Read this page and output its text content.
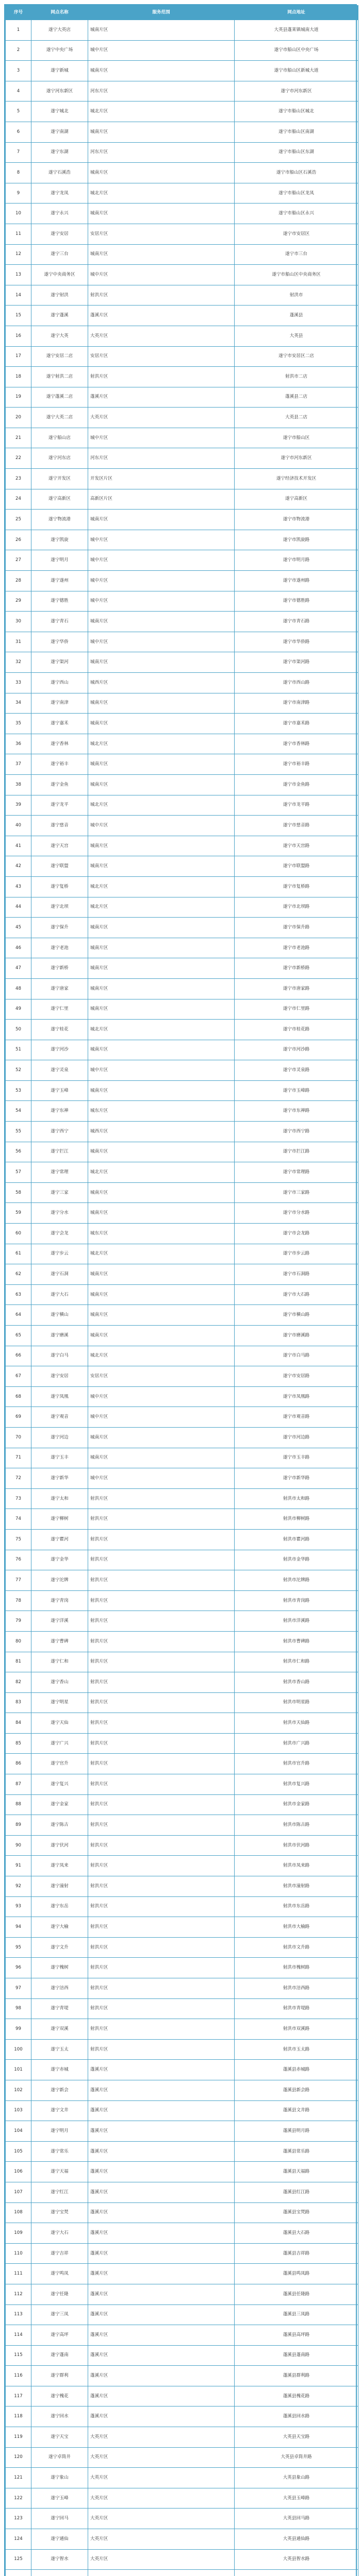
序号	网点名称	服务范围	网点地址
1	遂宁大英店	城南片区	大英县蓬莱镇城南大道
2	遂宁中央广场	城中片区	遂宁市船山区中央广场
3	遂宁新城	城南片区	遂宁市船山区新城大道
4	遂宁河东新区	河东片区	遂宁市河东新区
5	遂宁城北	城北片区	遂宁市船山区城北
6	遂宁南湖	城南片区	遂宁市船山区南湖
7	遂宁东湖	河东片区	遂宁市船山区东湖
8	遂宁石溪浩	城南片区	遂宁市船山区石溪浩
9	遂宁龙凤	城北片区	遂宁市船山区龙凤
10	遂宁永兴	城南片区	遂宁市船山区永兴
11	遂宁安居	安居片区	遂宁市安居区
12	遂宁三台	城南片区	遂宁市三台
13	遂宁中央商务区	城中片区	遂宁市船山区中央商务区
14	遂宁射洪	射洪片区	射洪市
15	遂宁蓬溪	蓬溪片区	蓬溪县
16	遂宁大英	大英片区	大英县
17	遂宁安居二店	安居片区	遂宁市安居区二店
18	遂宁射洪二店	射洪片区	射洪市二店
19	遂宁蓬溪二店	蓬溪片区	蓬溪县二店
20	遂宁大英二店	大英片区	大英县二店
21	遂宁船山店	城中片区	遂宁市船山区
22	遂宁河东店	河东片区	遂宁市河东新区
23	遂宁开发区	开发区片区	遂宁经济技术开发区
24	遂宁高新区	高新区片区	遂宁高新区
25	遂宁物流港	城南片区	遂宁市物流港
26	遂宁凯旋	城中片区	遂宁市凯旋路
27	遂宁明月	城中片区	遂宁市明月路
28	遂宁遂州	城中片区	遂宁市遂州路
29	遂宁德胜	城中片区	遂宁市德胜路
30	遂宁青石	城南片区	遂宁市青石路
31	遂宁华侨	城中片区	遂宁市华侨路
32	遂宁渠河	城南片区	遂宁市渠河路
33	遂宁西山	城西片区	遂宁市西山路
34	遂宁南津	城南片区	遂宁市南津路
35	遂宁嘉禾	城南片区	遂宁市嘉禾路
36	遂宁香林	城北片区	遂宁市香林路
37	遂宁裕丰	城南片区	遂宁市裕丰路
38	遂宁金鱼	城南片区	遂宁市金鱼路
39	遂宁龙平	城北片区	遂宁市龙平路
40	遂宁慈音	城中片区	遂宁市慈音路
41	遂宁天宫	城南片区	遂宁市天宫路
42	遂宁联盟	城南片区	遂宁市联盟路
43	遂宁复桥	城北片区	遂宁市复桥路
44	遂宁北坝	城北片区	遂宁市北坝路
45	遂宁保升	城南片区	遂宁市保升路
46	遂宁老池	城南片区	遂宁市老池路
47	遂宁新桥	城南片区	遂宁市新桥路
48	遂宁唐家	城南片区	遂宁市唐家路
49	遂宁仁里	城南片区	遂宁市仁里路
50	遂宁桂花	城北片区	遂宁市桂花路
51	遂宁河沙	城南片区	遂宁市河沙路
52	遂宁灵泉	城中片区	遂宁市灵泉路
53	遂宁玉峰	城南片区	遂宁市玉峰路
54	遂宁东禅	城东片区	遂宁市东禅路
55	遂宁西宁	城西片区	遂宁市西宁路
56	遂宁拦江	城南片区	遂宁市拦江路
57	遂宁常理	城北片区	遂宁市常理路
58	遂宁三家	城南片区	遂宁市三家路
59	遂宁分水	城南片区	遂宁市分水路
60	遂宁会龙	城东片区	遂宁市会龙路
61	遂宁步云	城北片区	遂宁市步云路
62	遂宁石洞	城南片区	遂宁市石洞路
63	遂宁大石	城南片区	遂宁市大石路
64	遂宁横山	城南片区	遂宁市横山路
65	遂宁磨溪	城南片区	遂宁市磨溪路
66	遂宁白马	城北片区	遂宁市白马路
67	遂宁安居	安居片区	遂宁市安居路
68	遂宁凤凰	城中片区	遂宁市凤凰路
69	遂宁观音	城中片区	遂宁市观音路
70	遂宁河边	城南片区	遂宁市河边路
71	遂宁玉丰	城南片区	遂宁市玉丰路
72	遂宁新华	城中片区	遂宁市新华路
73	遂宁太和	射洪片区	射洪市太和路
74	遂宁柳树	射洪片区	射洪市柳树路
75	遂宁瞿河	射洪片区	射洪市瞿河路
76	遂宁金华	射洪片区	射洪市金华路
77	遂宁沱牌	射洪片区	射洪市沱牌路
78	遂宁青岗	射洪片区	射洪市青岗路
79	遂宁洋溪	射洪片区	射洪市洋溪路
80	遂宁曹碑	射洪片区	射洪市曹碑路
81	遂宁仁和	射洪片区	射洪市仁和路
82	遂宁香山	射洪片区	射洪市香山路
83	遂宁明星	射洪片区	射洪市明星路
84	遂宁天仙	射洪片区	射洪市天仙路
85	遂宁广兴	射洪片区	射洪市广兴路
86	遂宁官升	射洪片区	射洪市官升路
87	遂宁复兴	射洪片区	射洪市复兴路
88	遂宁金家	射洪片区	射洪市金家路
89	遂宁陈古	射洪片区	射洪市陈古路
90	遂宁伏河	射洪片区	射洪市伏河路
91	遂宁凤来	射洪片区	射洪市凤来路
92	遂宁潼射	射洪片区	射洪市潼射路
93	遂宁东岳	射洪片区	射洪市东岳路
94	遂宁大榆	射洪片区	射洪市大榆路
95	遂宁文升	射洪片区	射洪市文升路
96	遂宁槐树	射洪片区	射洪市槐树路
97	遂宁涪西	射洪片区	射洪市涪西路
98	遂宁青堤	射洪片区	射洪市青堤路
99	遂宁双溪	射洪片区	射洪市双溪路
100	遂宁玉太	射洪片区	射洪市玉太路
101	遂宁赤城	蓬溪片区	蓬溪县赤城路
102	遂宁新会	蓬溪片区	蓬溪县新会路
103	遂宁文井	蓬溪片区	蓬溪县文井路
104	遂宁明月	蓬溪片区	蓬溪县明月路
105	遂宁常乐	蓬溪片区	蓬溪县常乐路
106	遂宁天福	蓬溪片区	蓬溪县天福路
107	遂宁红江	蓬溪片区	蓬溪县红江路
108	遂宁宝梵	蓬溪片区	蓬溪县宝梵路
109	遂宁大石	蓬溪片区	蓬溪县大石路
110	遂宁吉祥	蓬溪片区	蓬溪县吉祥路
111	遂宁鸣凤	蓬溪片区	蓬溪县鸣凤路
112	遂宁任隆	蓬溪片区	蓬溪县任隆路
113	遂宁三凤	蓬溪片区	蓬溪县三凤路
114	遂宁高坪	蓬溪片区	蓬溪县高坪路
115	遂宁蓬南	蓬溪片区	蓬溪县蓬南路
116	遂宁群利	蓬溪片区	蓬溪县群利路
117	遂宁槐花	蓬溪片区	蓬溪县槐花路
118	遂宁回水	蓬溪片区	蓬溪县回水路
119	遂宁天宝	大英片区	大英县天宝路
120	遂宁卓筒井	大英片区	大英县卓筒井路
121	遂宁象山	大英片区	大英县象山路
122	遂宁玉峰	大英片区	大英县玉峰路
123	遂宁回马	大英片区	大英县回马路
124	遂宁通仙	大英片区	大英县通仙路
125	遂宁智水	大英片区	大英县智水路
